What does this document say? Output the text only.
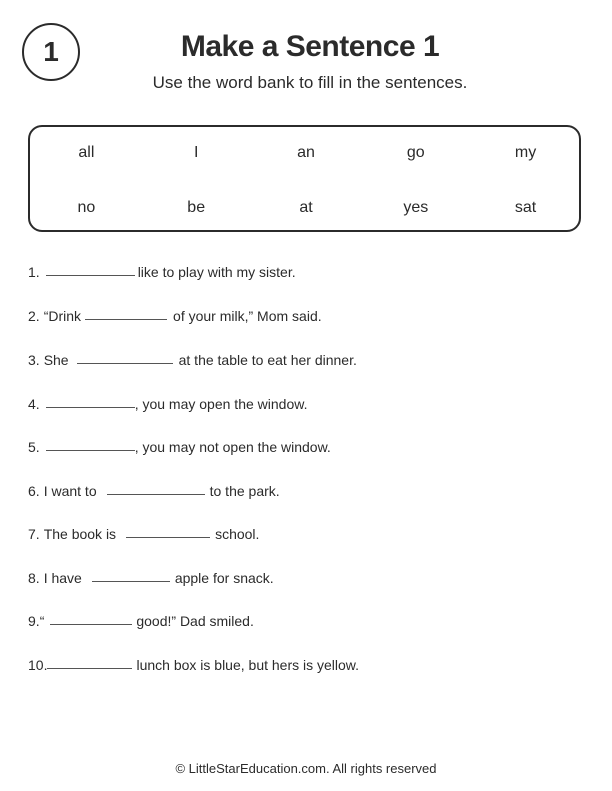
1	Make a Sentence 1
Use the word bank to fill in the sentences.
all	I	an	go	my
no	be	at	yes	sat
1.	like to play with my sister.
2. “Drink	of your milk,” Mom said.
3. She	at the table to eat her dinner.
4.	, you may open the window.
5.	, you may not open the window.
6. I want to	to the park.
7. The book is	school.
8. I have	apple for snack.
9. “	good!” Dad smiled.
10.	lunch box is blue, but hers is yellow.
© LittleStarEducation.com. All rights reserved
